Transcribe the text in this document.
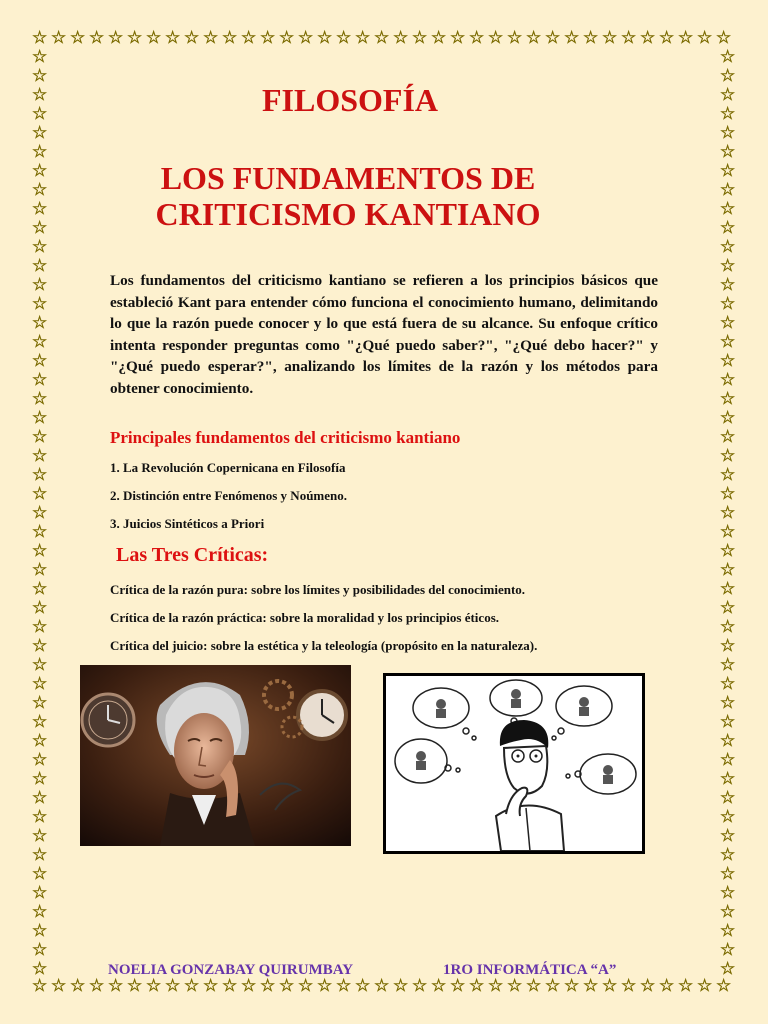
☆
☆
☆
☆
☆
☆
☆
☆
☆
☆
☆
☆
☆
☆
☆
☆
☆
☆
☆
☆
☆
☆
☆
☆
☆
☆
☆
☆
☆
☆
☆
☆
☆
☆
☆
☆
☆
☆
☆
☆
☆
☆
☆
☆
☆
☆
☆
☆
☆
☆
☆
☆
☆
☆
☆
☆
☆
☆
☆
☆
☆
☆
☆
☆
☆
☆
☆
☆
☆
☆
☆
☆
☆
☆
☆	☆
☆	☆
☆	☆
☆	☆
☆	☆
☆	☆
☆	☆
☆	☆
☆	☆
☆	☆
☆	☆
☆	☆
☆	☆
☆	☆
☆	☆
☆	☆
☆	☆
☆	☆
☆	☆
☆	☆
☆	☆
☆	☆
☆	☆
☆	☆
☆	☆
☆	☆
☆	☆
☆	☆
☆	☆
☆	☆
☆	☆
☆	☆
☆	☆
☆	☆
☆	☆
☆	☆
☆	☆
☆	☆
☆	☆
☆	☆
☆	☆
☆	☆
☆	☆
☆	☆
☆	☆
☆	☆
☆	☆
☆	☆
☆	☆
FILOSOFÍA
LOS FUNDAMENTOS DE
CRITICISMO KANTIANO
Los fundamentos del criticismo kantiano se refieren a los principios básicos que estableció Kant para entender cómo funciona el conocimiento humano, delimitando lo que la razón puede conocer y lo que está fuera de su alcance. Su enfoque crítico intenta responder preguntas como "¿Qué puedo saber?", "¿Qué debo hacer?" y "¿Qué puedo esperar?", analizando los límites de la razón y los métodos para obtener conocimiento.
Principales fundamentos del criticismo kantiano
1. La Revolución Copernicana en Filosofía
2. Distinción entre Fenómenos y Noúmeno.
3. Juicios Sintéticos a Priori
Las Tres Críticas:
Crítica de la razón pura: sobre los límites y posibilidades del conocimiento.
Crítica de la razón práctica: sobre la moralidad y los principios éticos.
Crítica del juicio: sobre la estética y la teleología (propósito en la naturaleza).
NOELIA GONZABAY QUIRUMBAY	1RO INFORMÁTICA “A”
